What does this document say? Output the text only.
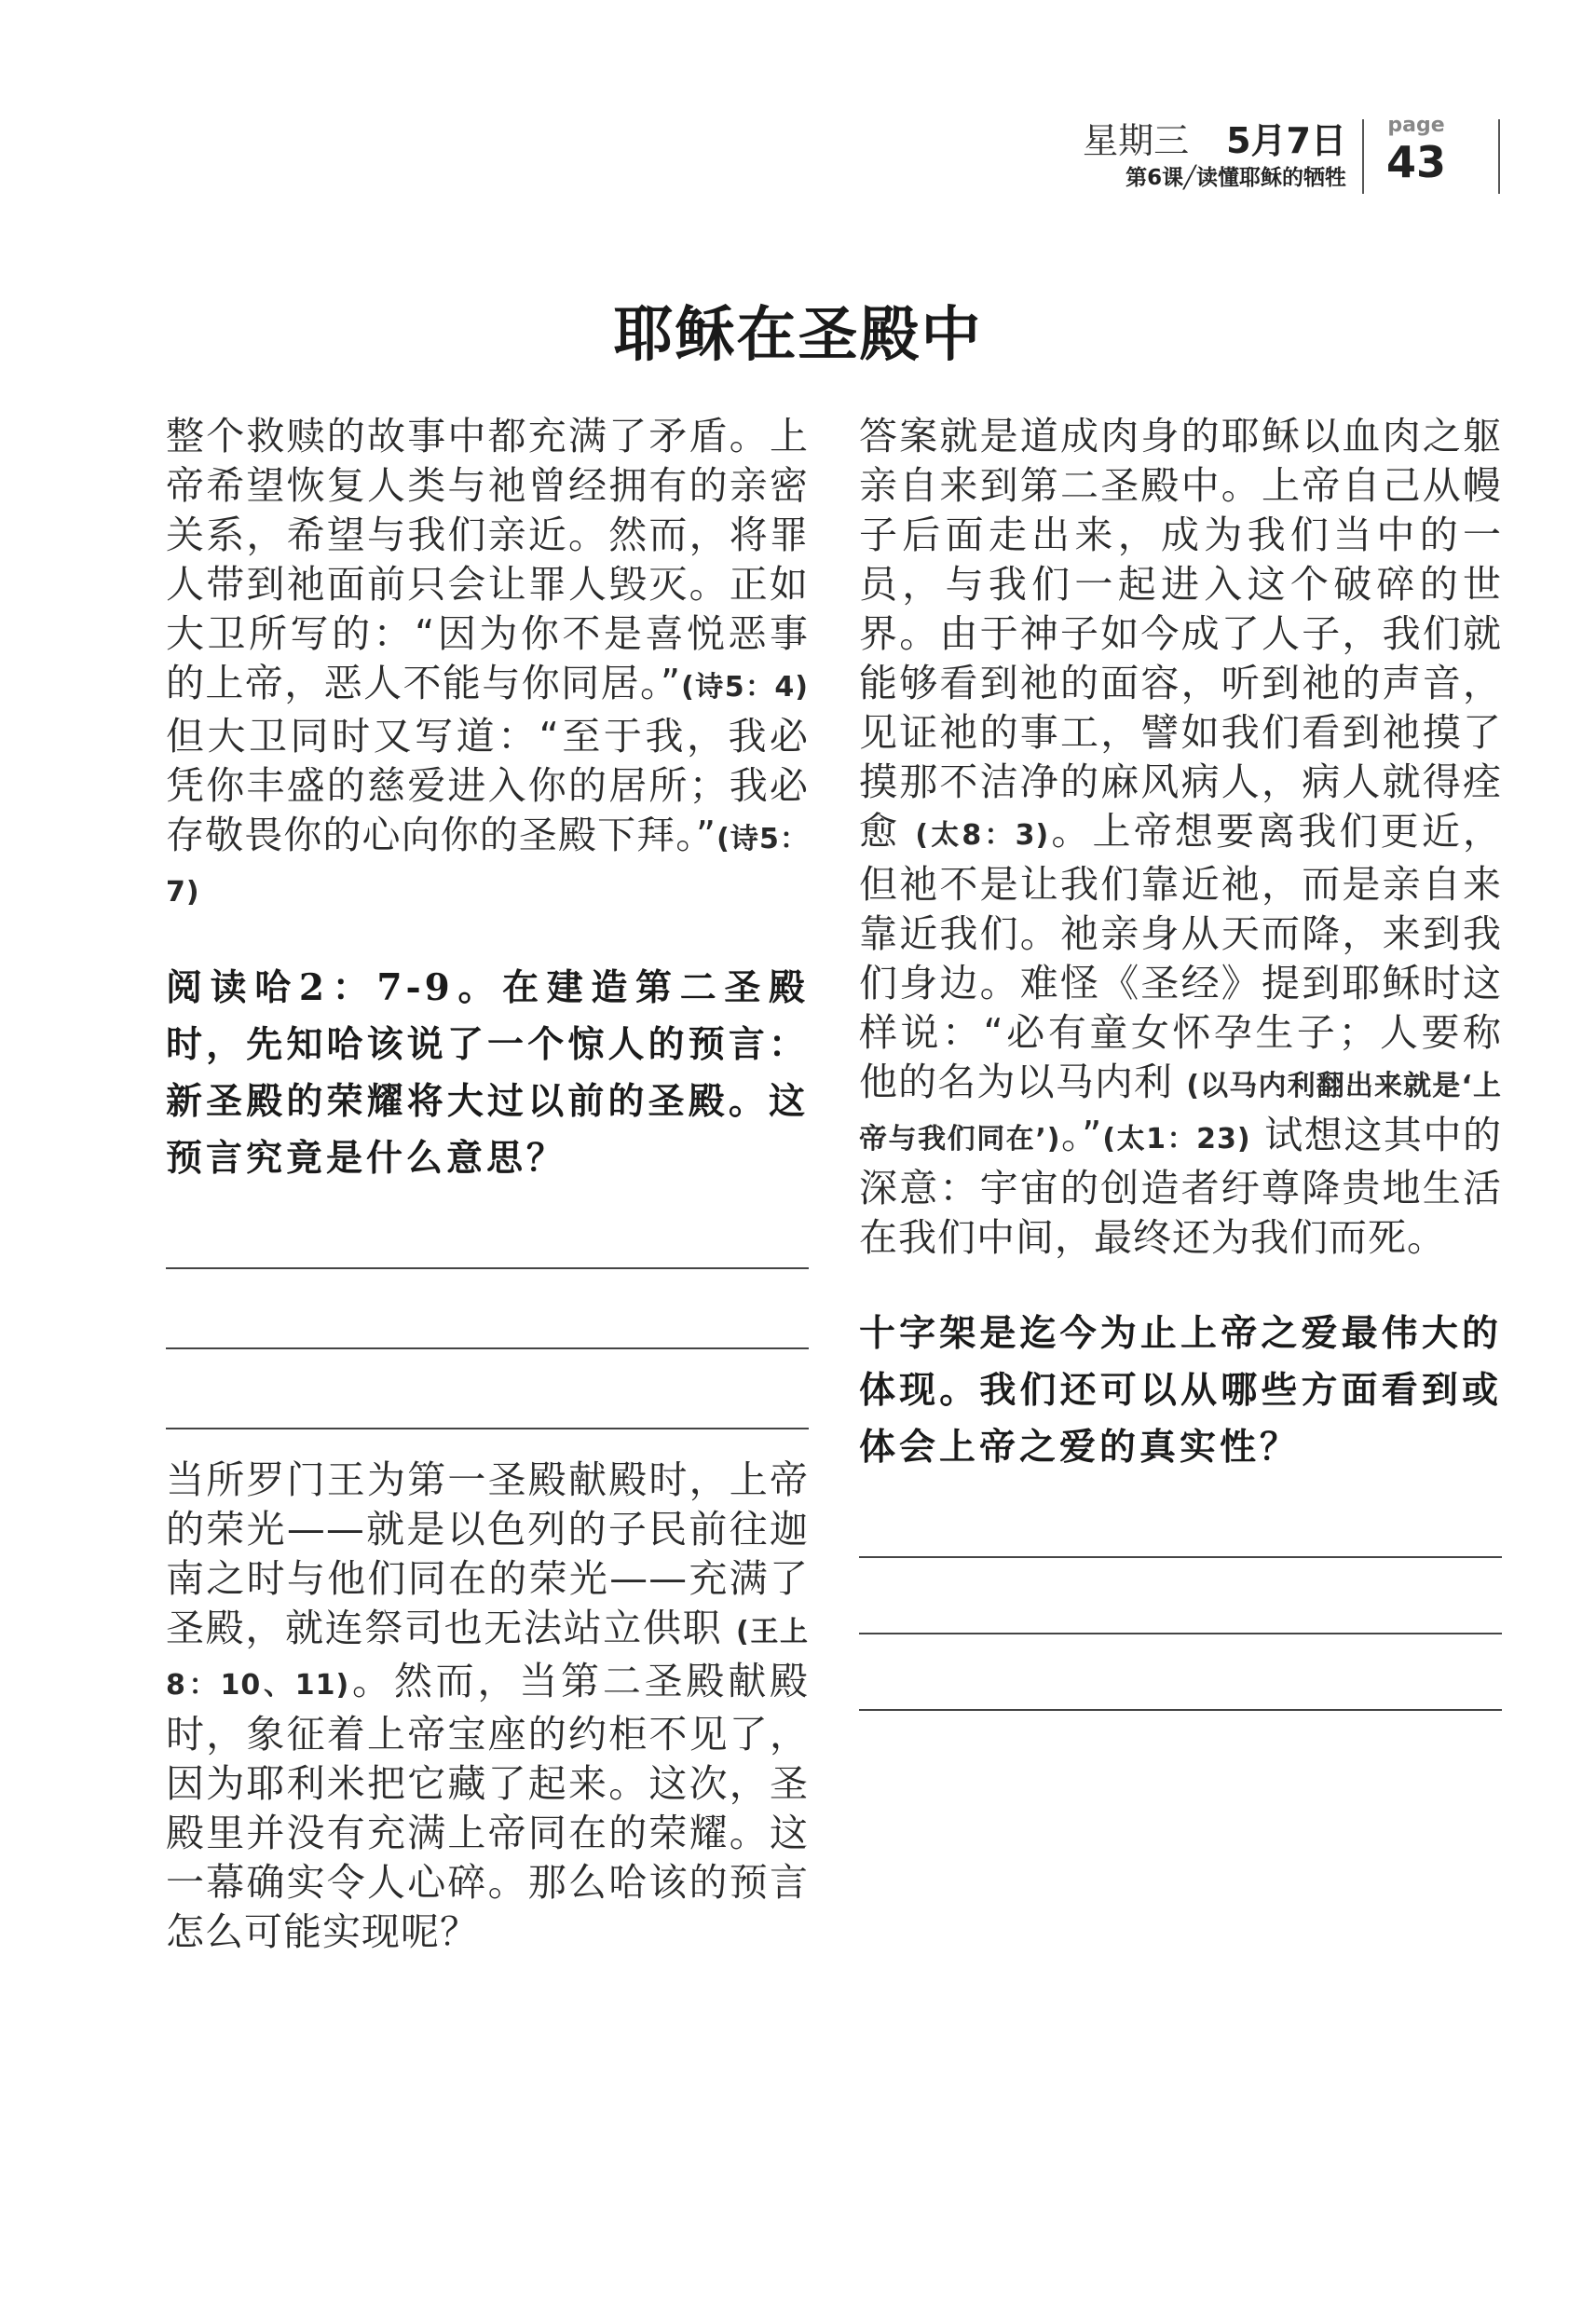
星期三 5月7日
第6课╱读懂耶稣的牺牲
page
43
耶稣在圣殿中

整个救赎的故事中都充满了矛盾。上帝希望恢复人类与祂曾经拥有的亲密关系，希望与我们亲近。然而，将罪人带到祂面前只会让罪人毁灭。正如大卫所写的：“因为你不是喜悦恶事的上帝，恶人不能与你同居。”(诗5：4) 但大卫同时又写道：“至于我，我必凭你丰盛的慈爱进入你的居所；我必存敬畏你的心向你的圣殿下拜。”(诗5：7)

阅读哈2：7-9。在建造第二圣殿时，先知哈该说了一个惊人的预言：新圣殿的荣耀将大过以前的圣殿。这预言究竟是什么意思？

当所罗门王为第一圣殿献殿时，上帝的荣光——就是以色列的子民前往迦南之时与他们同在的荣光——充满了圣殿，就连祭司也无法站立供职 (王上8：10、11)。然而，当第二圣殿献殿时，象征着上帝宝座的约柜不见了，因为耶利米把它藏了起来。这次，圣殿里并没有充满上帝同在的荣耀。这一幕确实令人心碎。那么哈该的预言怎么可能实现呢？

答案就是道成肉身的耶稣以血肉之躯亲自来到第二圣殿中。上帝自己从幔子后面走出来，成为我们当中的一员，与我们一起进入这个破碎的世界。由于神子如今成了人子，我们就能够看到祂的面容，听到祂的声音，见证祂的事工，譬如我们看到祂摸了摸那不洁净的麻风病人，病人就得痊愈 (太8：3)。上帝想要离我们更近，但祂不是让我们靠近祂，而是亲自来靠近我们。祂亲身从天而降，来到我们身边。难怪《圣经》提到耶稣时这样说：“必有童女怀孕生子；人要称他的名为以马内利 (以马内利翻出来就是‘上帝与我们同在’)。”(太1：23) 试想这其中的深意：宇宙的创造者纡尊降贵地生活在我们中间，最终还为我们而死。

十字架是迄今为止上帝之爱最伟大的体现。我们还可以从哪些方面看到或体会上帝之爱的真实性？
